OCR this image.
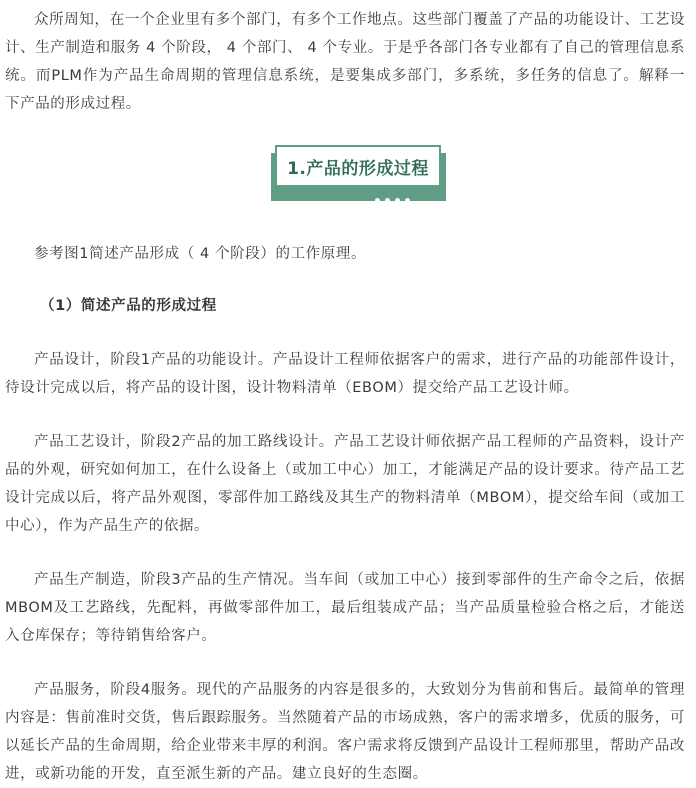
众所周知，在一个企业里有多个部门，有多个工作地点。这些部门覆盖了产品的功能设计、工艺设计、生产制造和服务 4 个阶段， 4 个部门、 4 个专业。于是乎各部门各专业都有了自己的管理信息系统。而PLM作为产品生命周期的管理信息系统，是要集成多部门，多系统，多任务的信息了。解释一下产品的形成过程。

1.产品的形成过程

参考图1简述产品形成（ 4 个阶段）的工作原理。

（1）简述产品的形成过程

产品设计，阶段1产品的功能设计。产品设计工程师依据客户的需求，进行产品的功能部件设计，待设计完成以后，将产品的设计图，设计物料清单（EBOM）提交给产品工艺设计师。

产品工艺设计，阶段2产品的加工路线设计。产品工艺设计师依据产品工程师的产品资料，设计产品的外观，研究如何加工，在什么设备上（或加工中心）加工，才能满足产品的设计要求。待产品工艺设计完成以后，将产品外观图，零部件加工路线及其生产的物料清单（MBOM），提交给车间（或加工中心），作为产品生产的依据。

产品生产制造，阶段3产品的生产情况。当车间（或加工中心）接到零部件的生产命令之后，依据MBOM及工艺路线，先配料，再做零部件加工，最后组装成产品；当产品质量检验合格之后，才能送入仓库保存；等待销售给客户。

产品服务，阶段4服务。现代的产品服务的内容是很多的，大致划分为售前和售后。最简单的管理内容是：售前准时交货，售后跟踪服务。当然随着产品的市场成熟，客户的需求增多，优质的服务，可以延长产品的生命周期，给企业带来丰厚的利润。客户需求将反馈到产品设计工程师那里，帮助产品改进，或新功能的开发，直至派生新的产品。建立良好的生态圈。
